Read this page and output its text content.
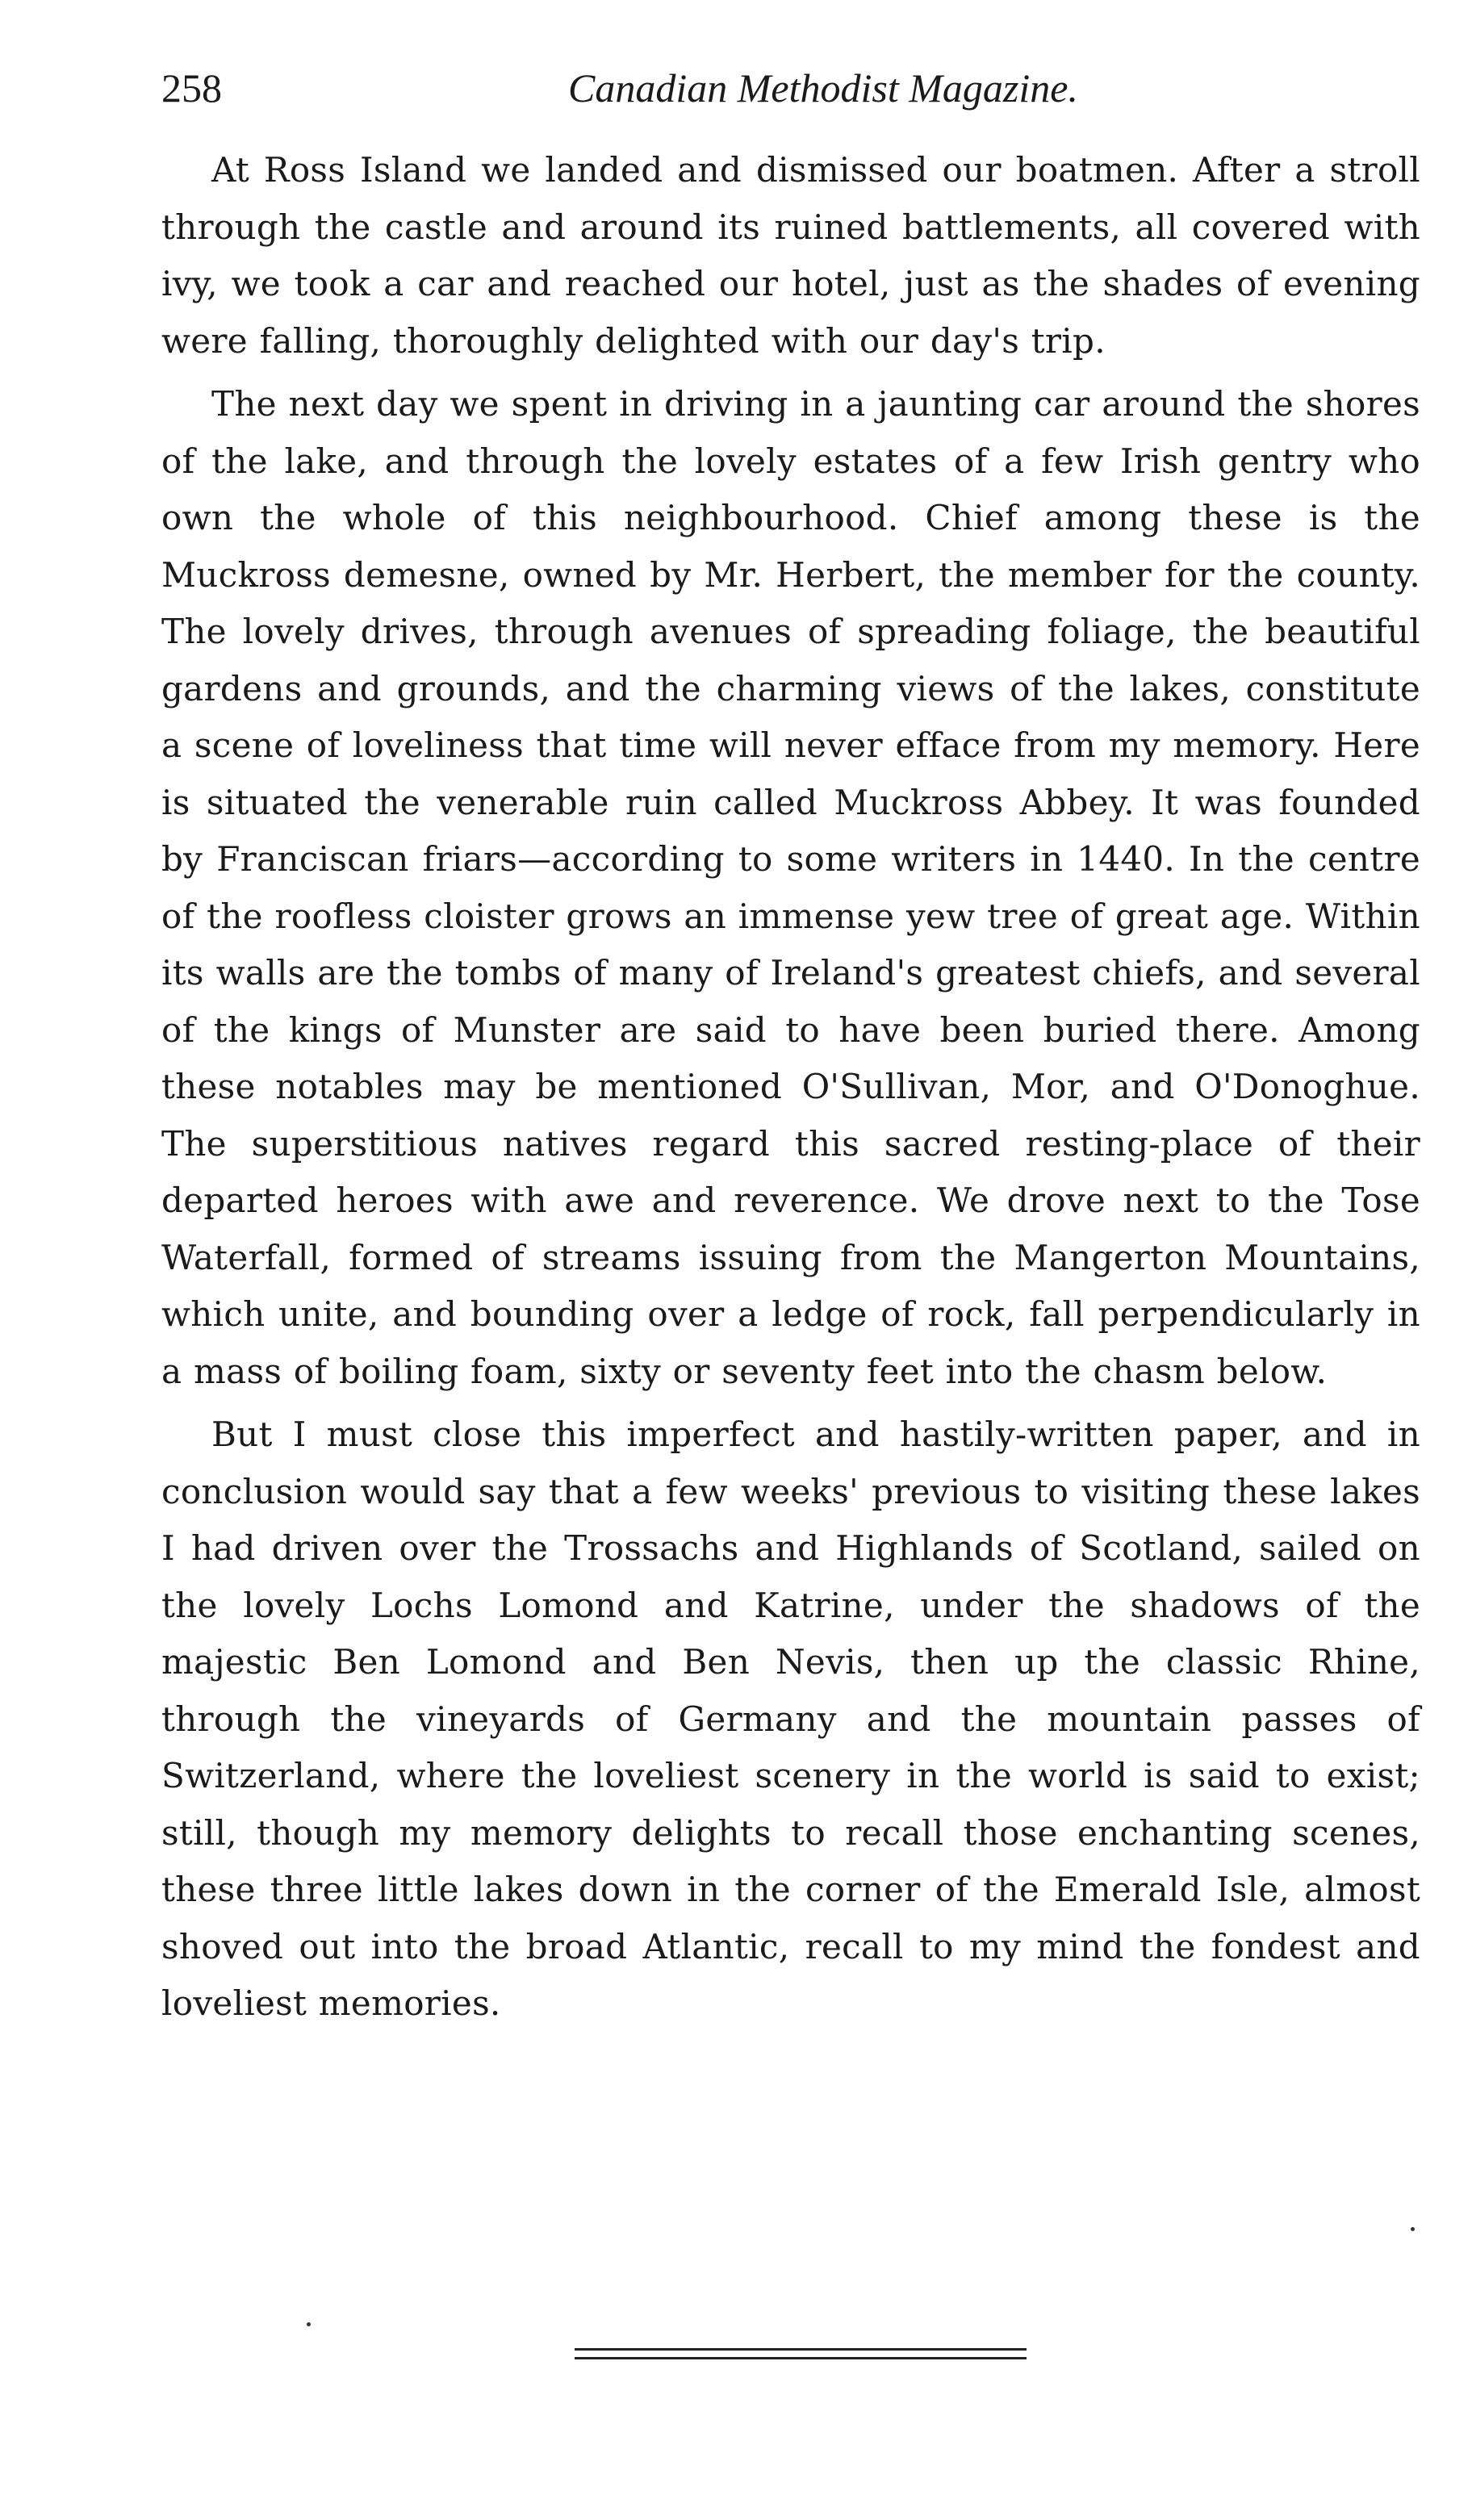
258	Canadian Methodist Magazine.

At Ross Island we landed and dismissed our boatmen. After a stroll through the castle and around its ruined battlements, all covered with ivy, we took a car and reached our hotel, just as the shades of evening were falling, thoroughly delighted with our day's trip.

The next day we spent in driving in a jaunting car around the shores of the lake, and through the lovely estates of a few Irish gentry who own the whole of this neighbourhood. Chief among these is the Muckross demesne, owned by Mr. Herbert, the member for the county. The lovely drives, through avenues of spreading foliage, the beautiful gardens and grounds, and the charming views of the lakes, constitute a scene of loveliness that time will never efface from my memory. Here is situated the venerable ruin called Muckross Abbey. It was founded by Franciscan friars—according to some writers in 1440. In the centre of the roofless cloister grows an immense yew tree of great age. Within its walls are the tombs of many of Ireland's greatest chiefs, and several of the kings of Munster are said to have been buried there. Among these notables may be mentioned O'Sullivan, Mor, and O'Donoghue. The superstitious natives regard this sacred resting-place of their departed heroes with awe and reverence. We drove next to the Tose Waterfall, formed of streams issuing from the Mangerton Mountains, which unite, and bounding over a ledge of rock, fall perpendicularly in a mass of boiling foam, sixty or seventy feet into the chasm below.

But I must close this imperfect and hastily-written paper, and in conclusion would say that a few weeks' previous to visiting these lakes I had driven over the Trossachs and Highlands of Scotland, sailed on the lovely Lochs Lomond and Katrine, under the shadows of the majestic Ben Lomond and Ben Nevis, then up the classic Rhine, through the vineyards of Germany and the mountain passes of Switzerland, where the loveliest scenery in the world is said to exist; still, though my memory delights to recall those enchanting scenes, these three little lakes down in the corner of the Emerald Isle, almost shoved out into the broad Atlantic, recall to my mind the fondest and loveliest memories.
